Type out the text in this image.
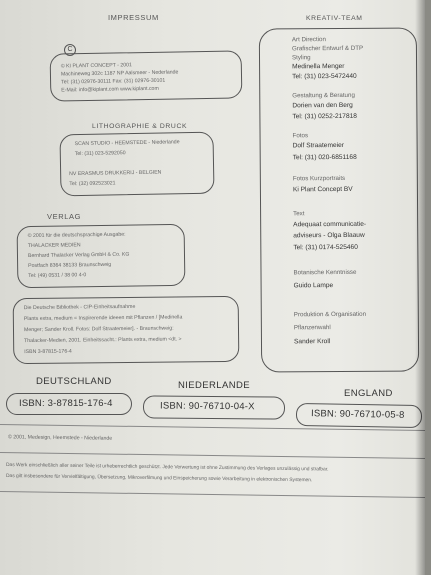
IMPRESSUM
C
© KI PLANT CONCEPT - 2001
Machineweg 302c 1187 NP Aalsmeer - Nederlande
Tel: (31) 02976-30111 Fax: (31) 02976-30101
E-Mail: info@kiplant.com www.kiplant.com
LITHOGRAPHIE & DRUCK
SCAN STUDIO - HEEMSTEDE - Niederlande
Tel: (31) 023-5292050
NV ERASMUS DRUKKERIJ - BELGIEN
Tel: (32) 092523021
VERLAG
© 2001 für die deutschsprachige Ausgabe:
THALACKER MEDIEN
Bernhard Thalacker Verlag GmbH & Co. KG
Postfach 8364 38133 Braunschweig
Tel: (49) 0531 / 38 00 4-0
Die Deutsche Bibliothek - CIP-Einheitsaufnahme
Plants extra, medium = Inspirerende ideeen mit Pflanzen / [Medinella
Menger; Sander Kroll. Fotos: Dolf Straatemeier]. - Braunschweig:
Thalacker-Medien, 2001. Einheitssacht.: Plants extra, medium <dt. >
ISBN 3-87815-176-4
KREATIV-TEAM
Art Direction
Grafischer Entwurf & DTP
Styling
Medinella Menger
Tel: (31) 023-5472440
Gestaltung & Beratung
Dorien van den Berg
Tel: (31) 0252-217818
Fotos
Dolf Straatemeier
Tel: (31) 020-6851168
Fotos Kurzportraits
Ki Plant Concept BV
Text
Adequaat communicatie-
adviseurs - Olga Blaauw
Tel: (31) 0174-525460
Botanische Kenntnisse
Guido Lampe
Produktion & Organisation
Pflanzenwahl
Sander Kroll
DEUTSCHLAND
ISBN: 3-87815-176-4
NIEDERLANDE
ISBN: 90-76710-04-X
ENGLAND
ISBN: 90-76710-05-8
© 2001, Medesign, Heemstede - Niederlande
Das Werk einschließlich aller seiner Teile ist urheberrechtlich geschützt. Jede Verwertung ist ohne Zustimmung des Verlages unzulässig und strafbar.
Das gilt insbesondere für Vervielfältigung, Übersetzung, Mikroverfilmung und Einspeicherung sowie Verarbeitung in elektronischen Systemen.
